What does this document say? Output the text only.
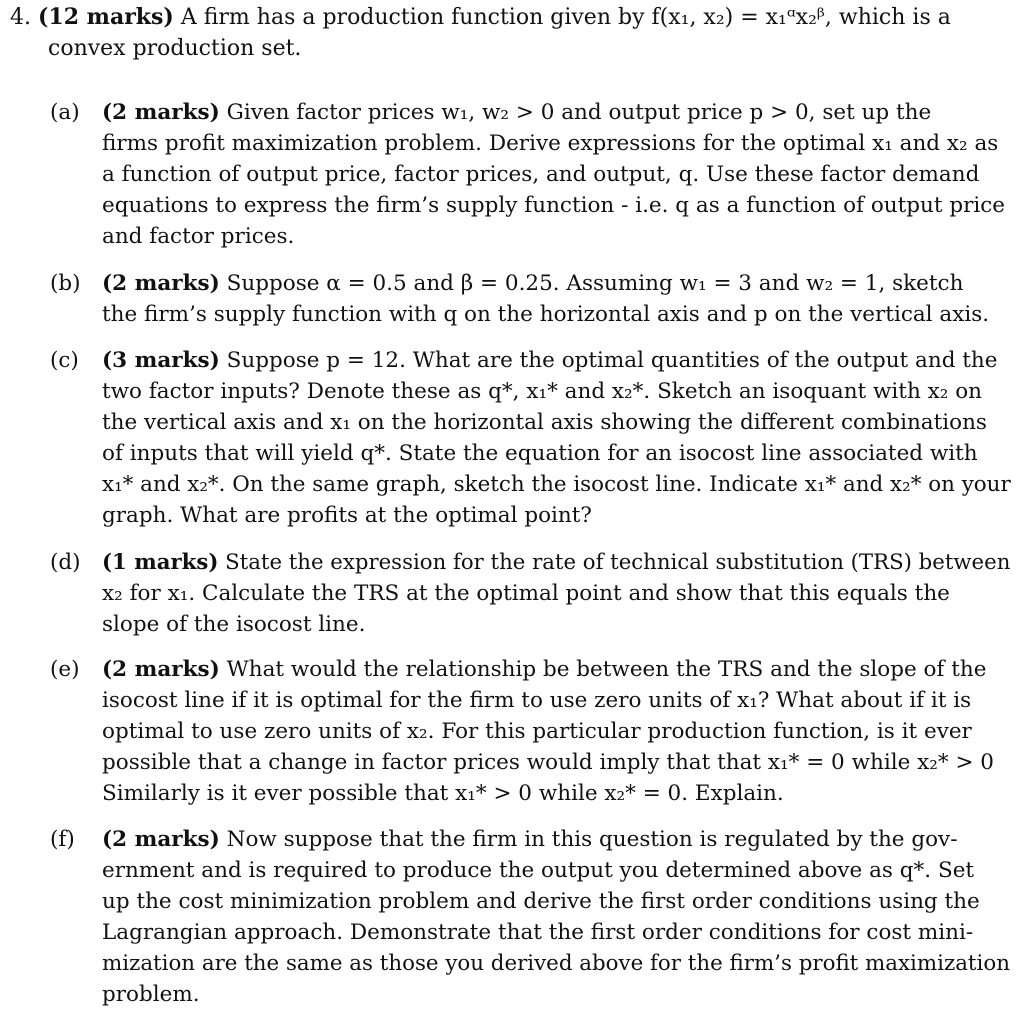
4. (12 marks) A firm has a production function given by f(x₁, x₂) = x₁ᵅx₂ᵝ, which is a
convex production set.
(a)	(2 marks) Given factor prices w₁, w₂ > 0 and output price p > 0, set up the
firms profit maximization problem. Derive expressions for the optimal x₁ and x₂ as
a function of output price, factor prices, and output, q. Use these factor demand
equations to express the firm’s supply function - i.e. q as a function of output price
and factor prices.
(b) (2 marks) Suppose α = 0.5 and β = 0.25. Assuming w₁ = 3 and w₂ = 1, sketch
the firm’s supply function with q on the horizontal axis and p on the vertical axis.
(c)	(3 marks) Suppose p = 12. What are the optimal quantities of the output and the
two factor inputs? Denote these as q*, x₁* and x₂*. Sketch an isoquant with x₂ on
the vertical axis and x₁ on the horizontal axis showing the different combinations
of inputs that will yield q*. State the equation for an isocost line associated with
x₁* and x₂*. On the same graph, sketch the isocost line. Indicate x₁* and x₂* on your
graph. What are profits at the optimal point?
(d) (1 marks) State the expression for the rate of technical substitution (TRS) between
x₂ for x₁. Calculate the TRS at the optimal point and show that this equals the
slope of the isocost line.
(e)	(2 marks) What would the relationship be between the TRS and the slope of the
isocost line if it is optimal for the firm to use zero units of x₁? What about if it is
optimal to use zero units of x₂. For this particular production function, is it ever
possible that a change in factor prices would imply that that x₁* = 0 while x₂* > 0
Similarly is it ever possible that x₁* > 0 while x₂* = 0. Explain.
(f)	(2 marks) Now suppose that the firm in this question is regulated by the gov-
ernment and is required to produce the output you determined above as q*. Set
up the cost minimization problem and derive the first order conditions using the
Lagrangian approach. Demonstrate that the first order conditions for cost mini-
mization are the same as those you derived above for the firm’s profit maximization
problem.
